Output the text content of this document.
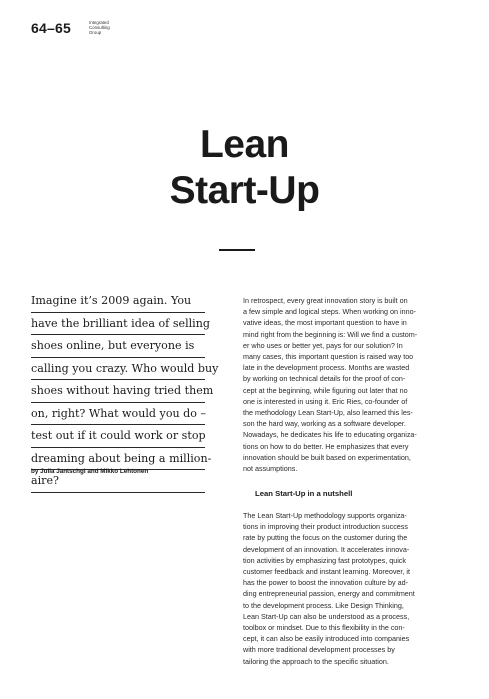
64–65	Integrated
Consulting
Group
Lean
Start-Up
Imagine it’s 2009 again. You
have the brilliant idea of selling
shoes online, but everyone is
calling you crazy. Who would buy
shoes without having tried them
on, right? What would you do –
test out if it could work or stop
dreaming about being a million-
aire?
by Julia Jantschgi and Mikko Lehtonen
In retrospect, every great innovation story is built on
a few simple and logical steps. When working on inno-
vative ideas, the most important question to have in
mind right from the beginning is: Will we find a custom-
er who uses or better yet, pays for our solution? In
many cases, this important question is raised way too
late in the development process. Months are wasted
by working on technical details for the proof of con-
cept at the beginning, while figuring out later that no
one is interested in using it. Eric Ries, co-founder of
the methodology Lean Start-Up, also learned this les-
son the hard way, working as a software developer.
Nowadays, he dedicates his life to educating organiza-
tions on how to do better. He emphasizes that every
innovation should be built based on experimentation,
not assumptions.
Lean Start-Up in a nutshell
The Lean Start-Up methodology supports organiza-
tions in improving their product introduction success
rate by putting the focus on the customer during the
development of an innovation. It accelerates innova-
tion activities by emphasizing fast prototypes, quick
customer feedback and instant learning. Moreover, it
has the power to boost the innovation culture by ad-
ding entrepreneurial passion, energy and commitment
to the development process. Like Design Thinking,
Lean Start-Up can also be understood as a process,
toolbox or mindset. Due to this flexibility in the con-
cept, it can also be easily introduced into companies
with more traditional development processes by
tailoring the approach to the specific situation.
